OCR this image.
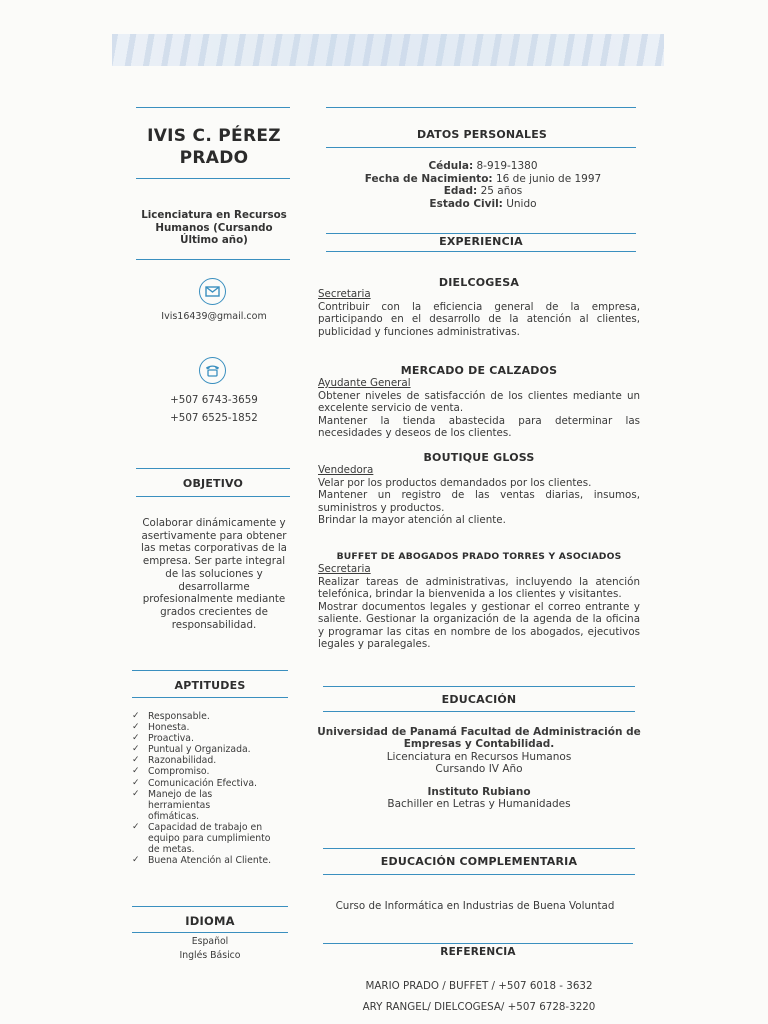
IVIS C. PÉREZ
PRADO
Licenciatura en Recursos
Humanos (Cursando
Último año)
Ivis16439@gmail.com
+507 6743-3659
+507 6525-1852
OBJETIVO
Colaborar dinámicamente y
asertivamente para obtener
las metas corporativas de la
empresa. Ser parte integral
de las soluciones y
desarrollarme
profesionalmente mediante
grados crecientes de
responsabilidad.
APTITUDES
✓ Responsable.
✓ Honesta.
✓ Proactiva.
✓ Puntual y Organizada.
✓ Razonabilidad.
✓ Compromiso.
✓ Comunicación Efectiva.
✓ Manejo de las herramientas ofimáticas.
✓ Capacidad de trabajo en equipo para cumplimiento de metas.
✓ Buena Atención al Cliente.
IDIOMA
Español
Inglés Básico
DATOS PERSONALES
Cédula: 8-919-1380
Fecha de Nacimiento: 16 de junio de 1997
Edad: 25 años
Estado Civil: Unido
EXPERIENCIA
DIELCOGESA
Secretaria
Contribuir con la eficiencia general de la empresa, participando en el desarrollo de la atención al clientes, publicidad y funciones administrativas.
MERCADO DE CALZADOS
Ayudante General
Obtener niveles de satisfacción de los clientes mediante un excelente servicio de venta.
Mantener la tienda abastecida para determinar las necesidades y deseos de los clientes.
BOUTIQUE GLOSS
Vendedora
Velar por los productos demandados por los clientes.
Mantener un registro de las ventas diarias, insumos, suministros y productos.
Brindar la mayor atención al cliente.
BUFFET DE ABOGADOS PRADO TORRES Y ASOCIADOS
Secretaria
Realizar tareas de administrativas, incluyendo la atención telefónica, brindar la bienvenida a los clientes y visitantes.
Mostrar documentos legales y gestionar el correo entrante y saliente. Gestionar la organización de la agenda de la oficina y programar las citas en nombre de los abogados, ejecutivos legales y paralegales.
EDUCACIÓN
Universidad de Panamá Facultad de Administración de
Empresas y Contabilidad.
Licenciatura en Recursos Humanos
Cursando IV Año
Instituto Rubiano
Bachiller en Letras y Humanidades
EDUCACIÓN COMPLEMENTARIA
Curso de Informática en Industrias de Buena Voluntad
REFERENCIA
MARIO PRADO / BUFFET / +507 6018 - 3632
ARY RANGEL/ DIELCOGESA/ +507 6728-3220
